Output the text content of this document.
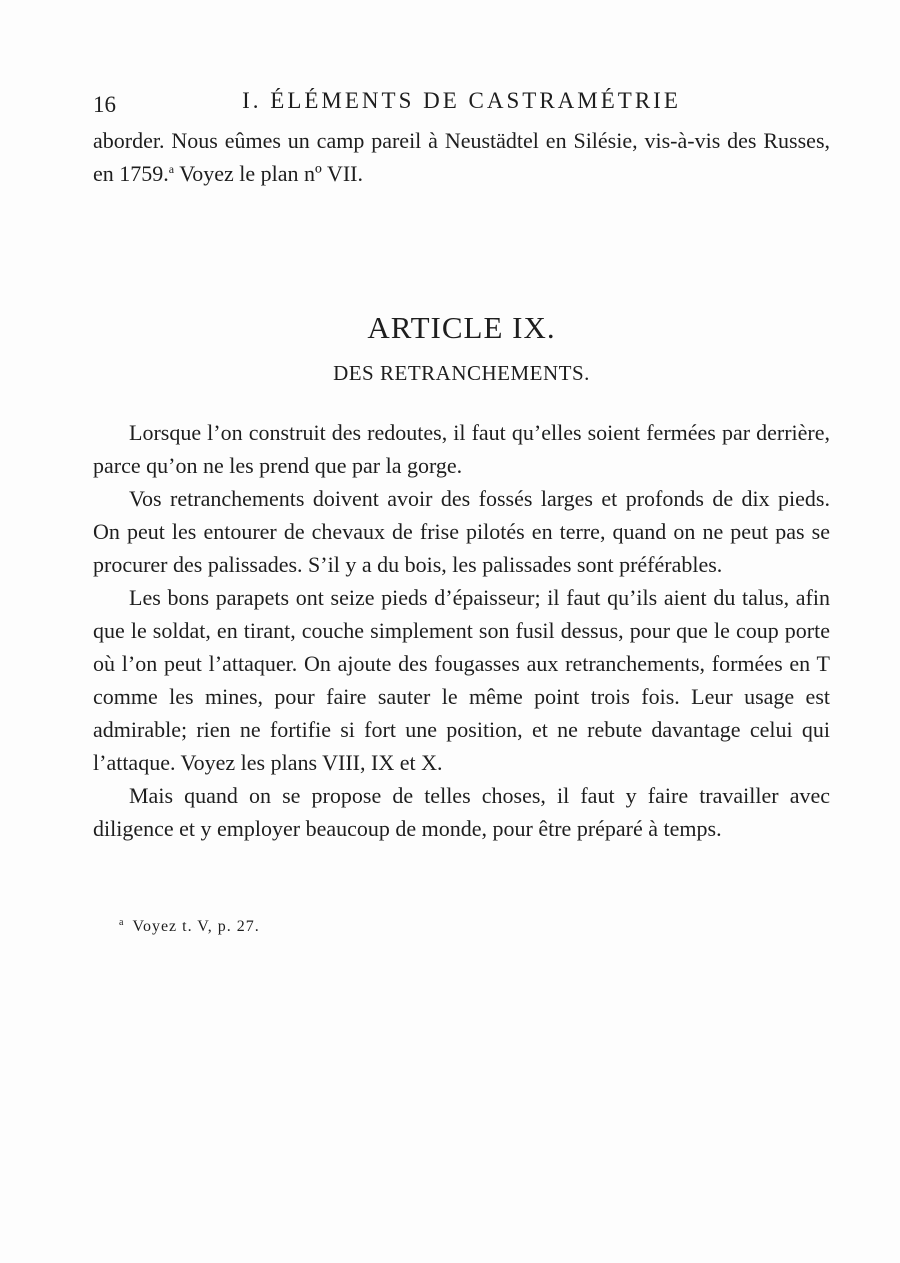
16	I. ÉLÉMENTS DE CASTRAMÉTRIE

aborder. Nous eûmes un camp pareil à Neustädtel en Silésie, vis-à-vis des Russes, en 1759.$^a$ Voyez le plan nº VII.

ARTICLE IX.
DES RETRANCHEMENTS.

Lorsque l’on construit des redoutes, il faut qu’elles soient fermées par derrière, parce qu’on ne les prend que par la gorge.

Vos retranchements doivent avoir des fossés larges et profonds de dix pieds. On peut les entourer de chevaux de frise pilotés en terre, quand on ne peut pas se procurer des palissades. S’il y a du bois, les palissades sont préférables.

Les bons parapets ont seize pieds d’épaisseur; il faut qu’ils aient du talus, afin que le soldat, en tirant, couche simplement son fusil dessus, pour que le coup porte où l’on peut l’attaquer. On ajoute des fougasses aux retranchements, formées en T comme les mines, pour faire sauter le même point trois fois. Leur usage est admirable; rien ne fortifie si fort une position, et ne rebute davantage celui qui l’attaque. Voyez les plans VIII, IX et X.

Mais quand on se propose de telles choses, il faut y faire travailler avec diligence et y employer beaucoup de monde, pour être préparé à temps.

$^a$ Voyez t. V, p. 27.
